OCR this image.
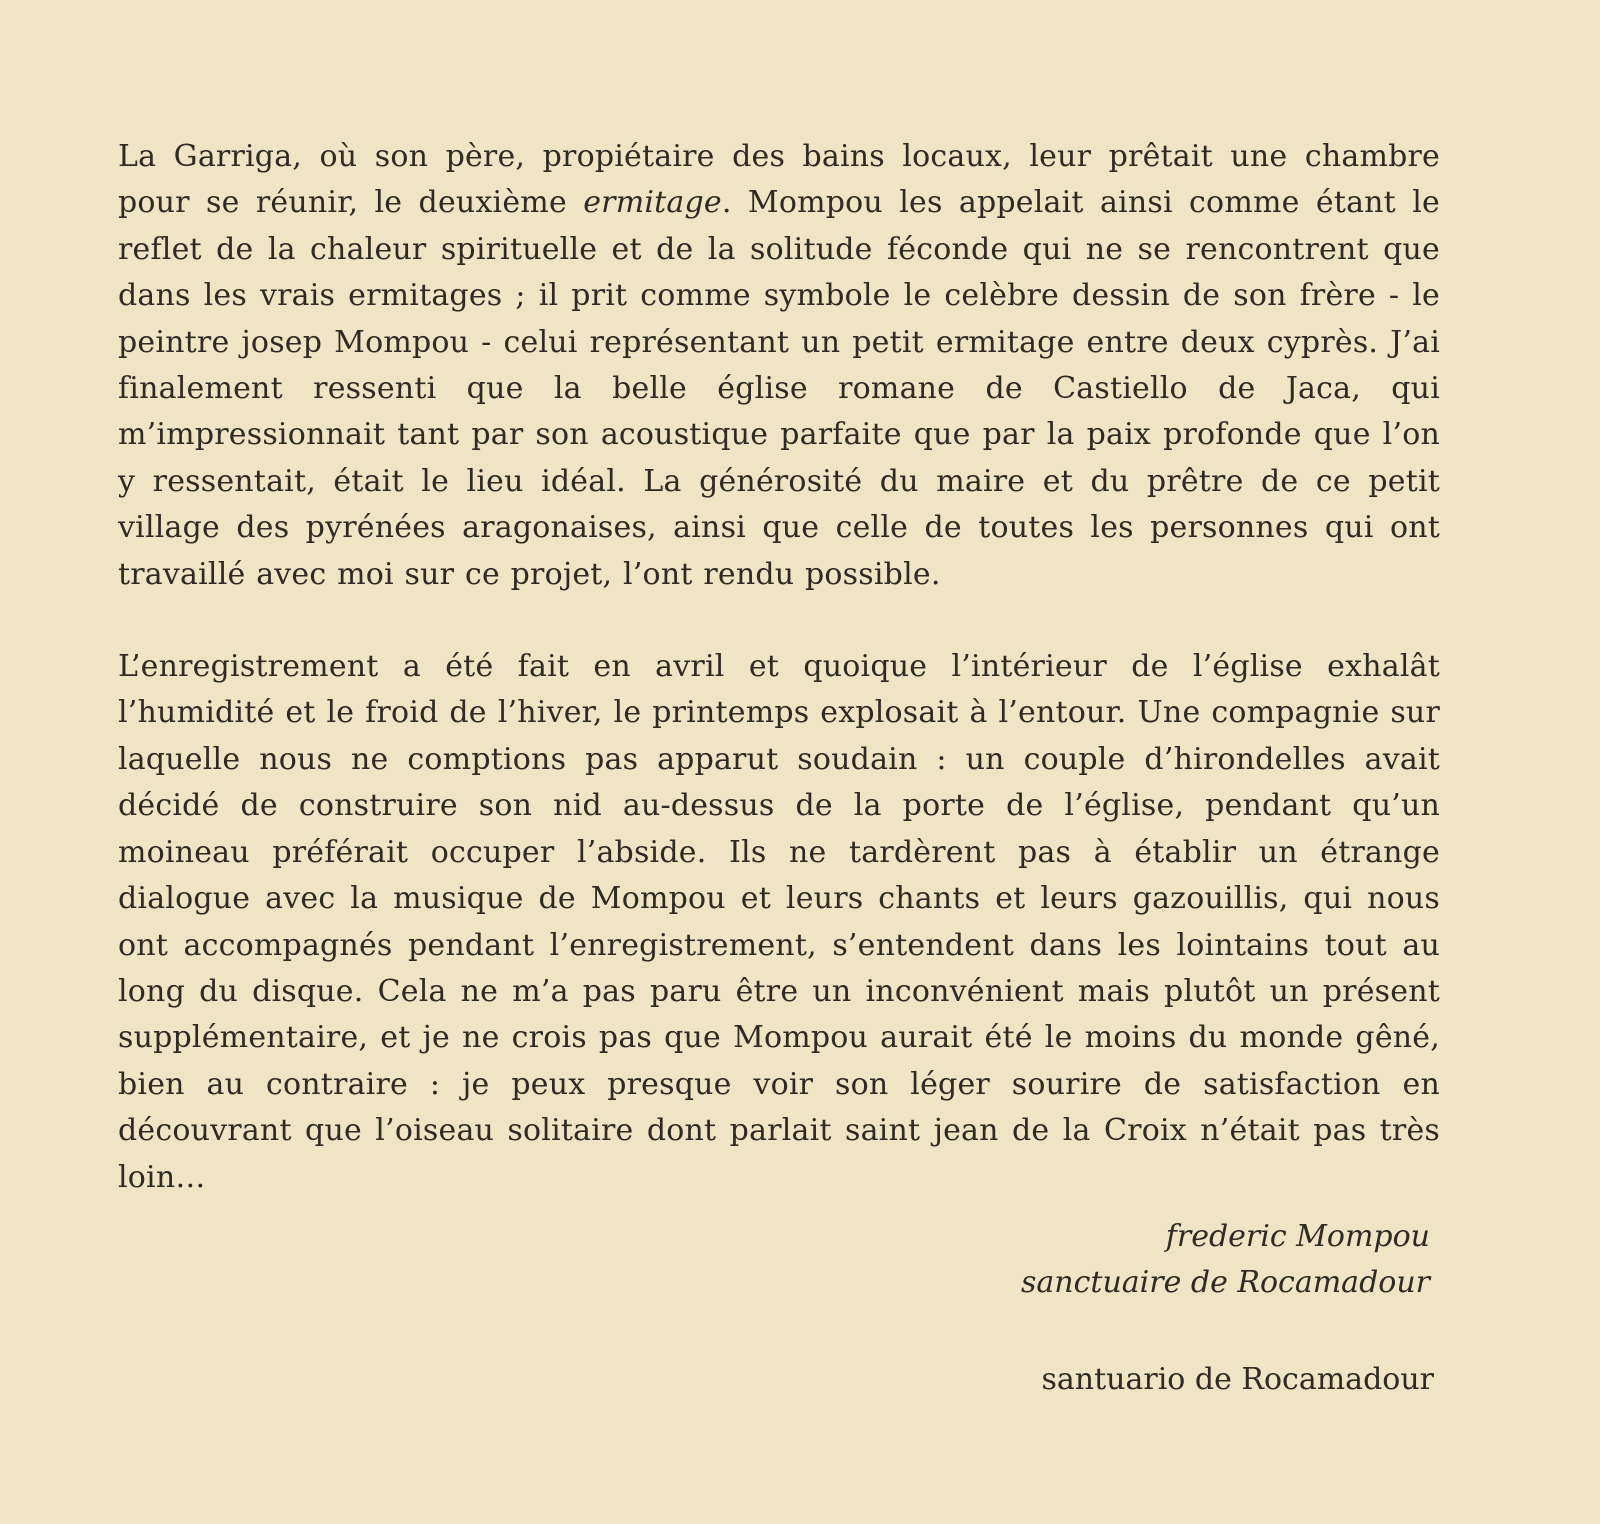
La Garriga, où son père, propiétaire des bains locaux, leur prêtait une chambre pour se réunir, le deuxième ermitage. Mompou les appelait ainsi comme étant le reflet de la chaleur spirituelle et de la solitude féconde qui ne se rencontrent que dans les vrais ermitages ; il prit comme symbole le celèbre dessin de son frère - le peintre josep Mompou - celui représentant un petit ermitage entre deux cyprès. J’ai finalement ressenti que la belle église romane de Castiello de Jaca, qui m’impressionnait tant par son acoustique parfaite que par la paix profonde que l’on y ressentait, était le lieu idéal. La générosité du maire et du prêtre de ce petit village des pyrénées aragonaises, ainsi que celle de toutes les personnes qui ont travaillé avec moi sur ce projet, l’ont rendu possible.

L’enregistrement a été fait en avril et quoique l’intérieur de l’église exhalât l’humidité et le froid de l’hiver, le printemps explosait à l’entour. Une compagnie sur laquelle nous ne comptions pas apparut soudain : un couple d’hirondelles avait décidé de construire son nid au-dessus de la porte de l’église, pendant qu’un moineau préférait occuper l’abside. Ils ne tardèrent pas à établir un étrange dialogue avec la musique de Mompou et leurs chants et leurs gazouillis, qui nous ont accompagnés pendant l’enregistrement, s’entendent dans les lointains tout au long du disque. Cela ne m’a pas paru être un inconvénient mais plutôt un présent supplémentaire, et je ne crois pas que Mompou aurait été le moins du monde gêné, bien au contraire : je peux presque voir son léger sourire de satisfaction en découvrant que l’oiseau solitaire dont parlait saint jean de la Croix n’était pas très loin…

frederic Mompou
sanctuaire de Rocamadour
santuario de Rocamadour
